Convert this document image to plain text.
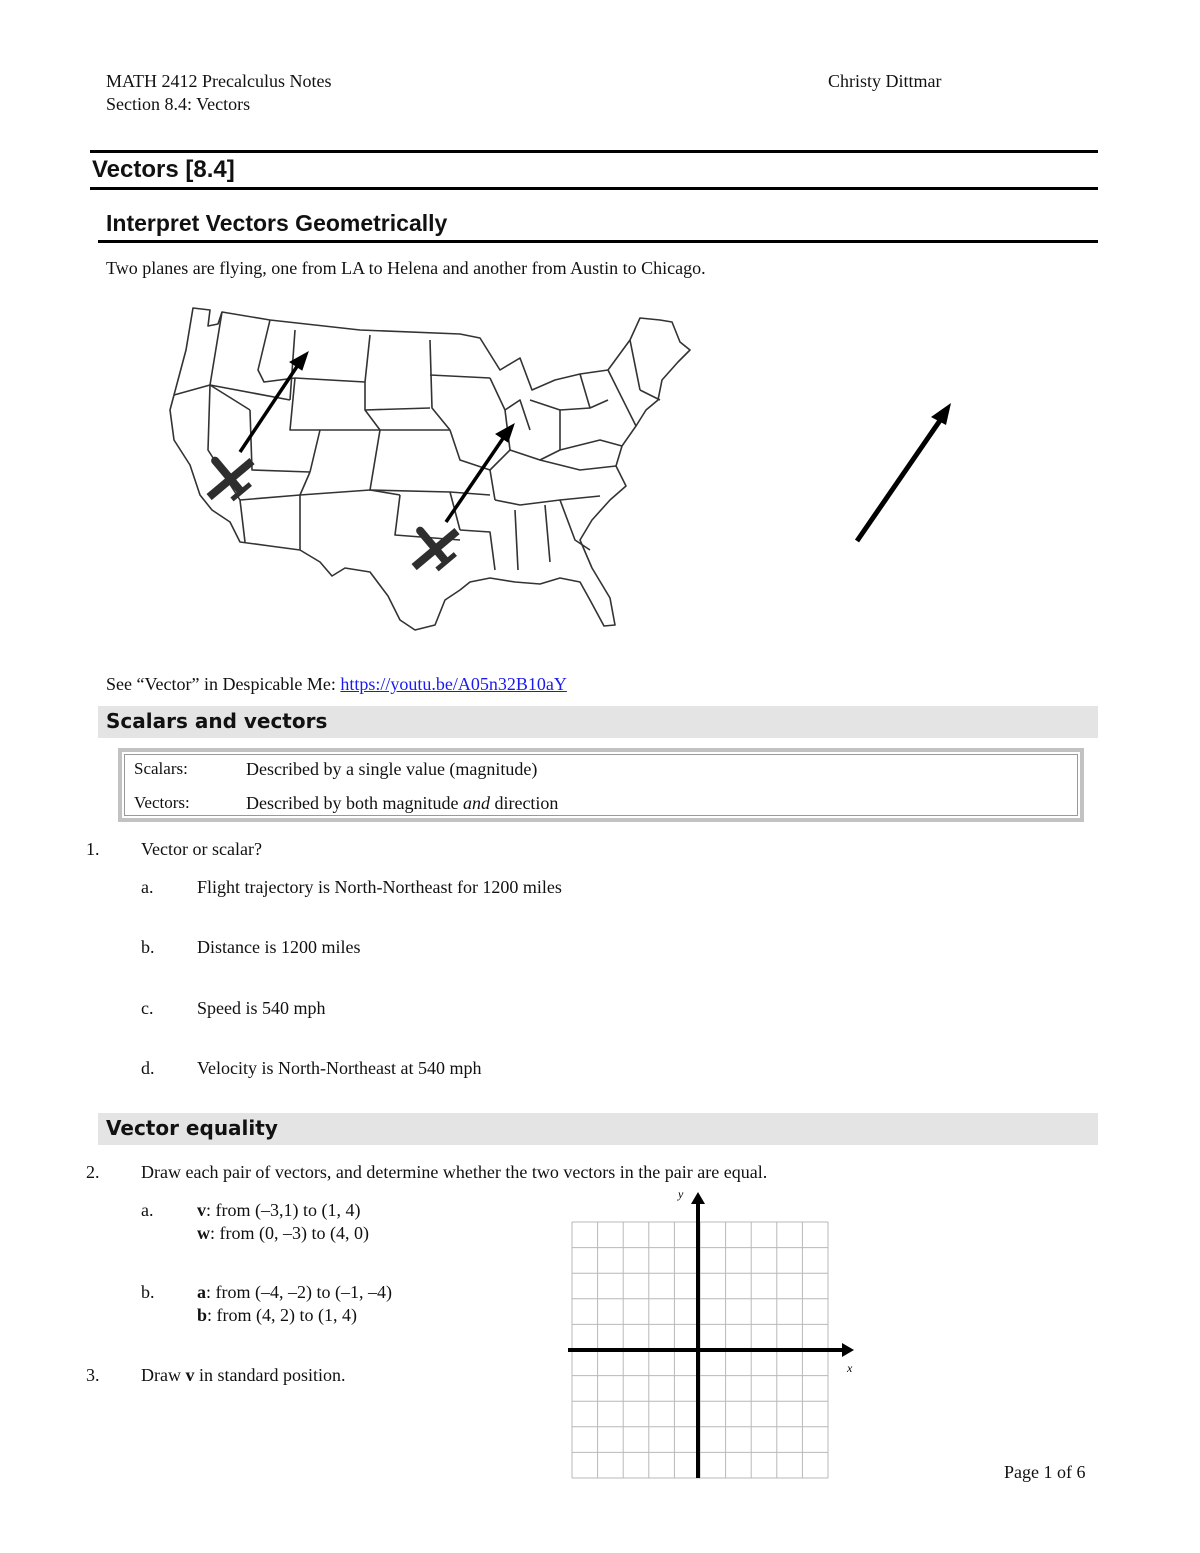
MATH 2412 Precalculus Notes
Section 8.4: Vectors
Christy Dittmar
Vectors [8.4]
Interpret Vectors Geometrically
Two planes are flying, one from LA to Helena and another from Austin to Chicago.
See “Vector” in Despicable Me: https://youtu.be/A05n32B10aY
Scalars and vectors
Scalars:	Described by a single value (magnitude)
Vectors:	Described by both magnitude and direction
1. Vector or scalar?
a. Flight trajectory is North-Northeast for 1200 miles
b. Distance is 1200 miles
c. Speed is 540 mph
d. Velocity is North-Northeast at 540 mph
Vector equality
2. Draw each pair of vectors, and determine whether the two vectors in the pair are equal.
a. v: from (–3,1) to (1, 4)
w: from (0, –3) to (4, 0)
b. a: from (–4, –2) to (–1, –4)
b: from (4, 2) to (1, 4)
3. Draw v in standard position.	x
y
Page 1 of 6
